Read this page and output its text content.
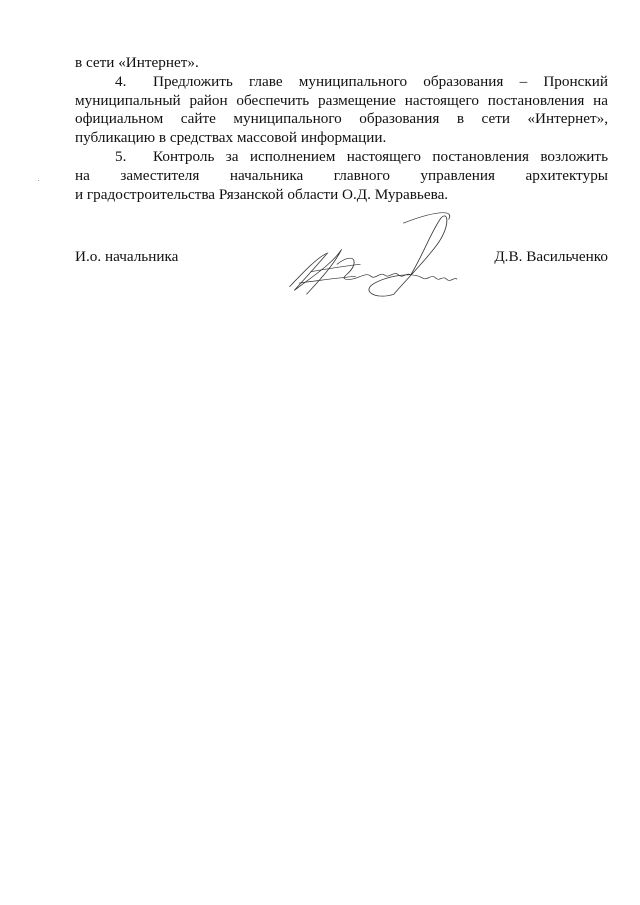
в сети «Интернет».

4. Предложить главе муниципального образования – Пронский

муниципальный район обеспечить размещение настоящего постановления на официальном сайте муниципального образования в сети «Интернет», публикацию в средствах массовой информации.

5. Контроль за исполнением настоящего постановления возложить

на заместителя начальника главного управления архитектуры

и градостроительства Рязанской области О.Д. Муравьева.

И.о. начальника	Д.В. Васильченко
